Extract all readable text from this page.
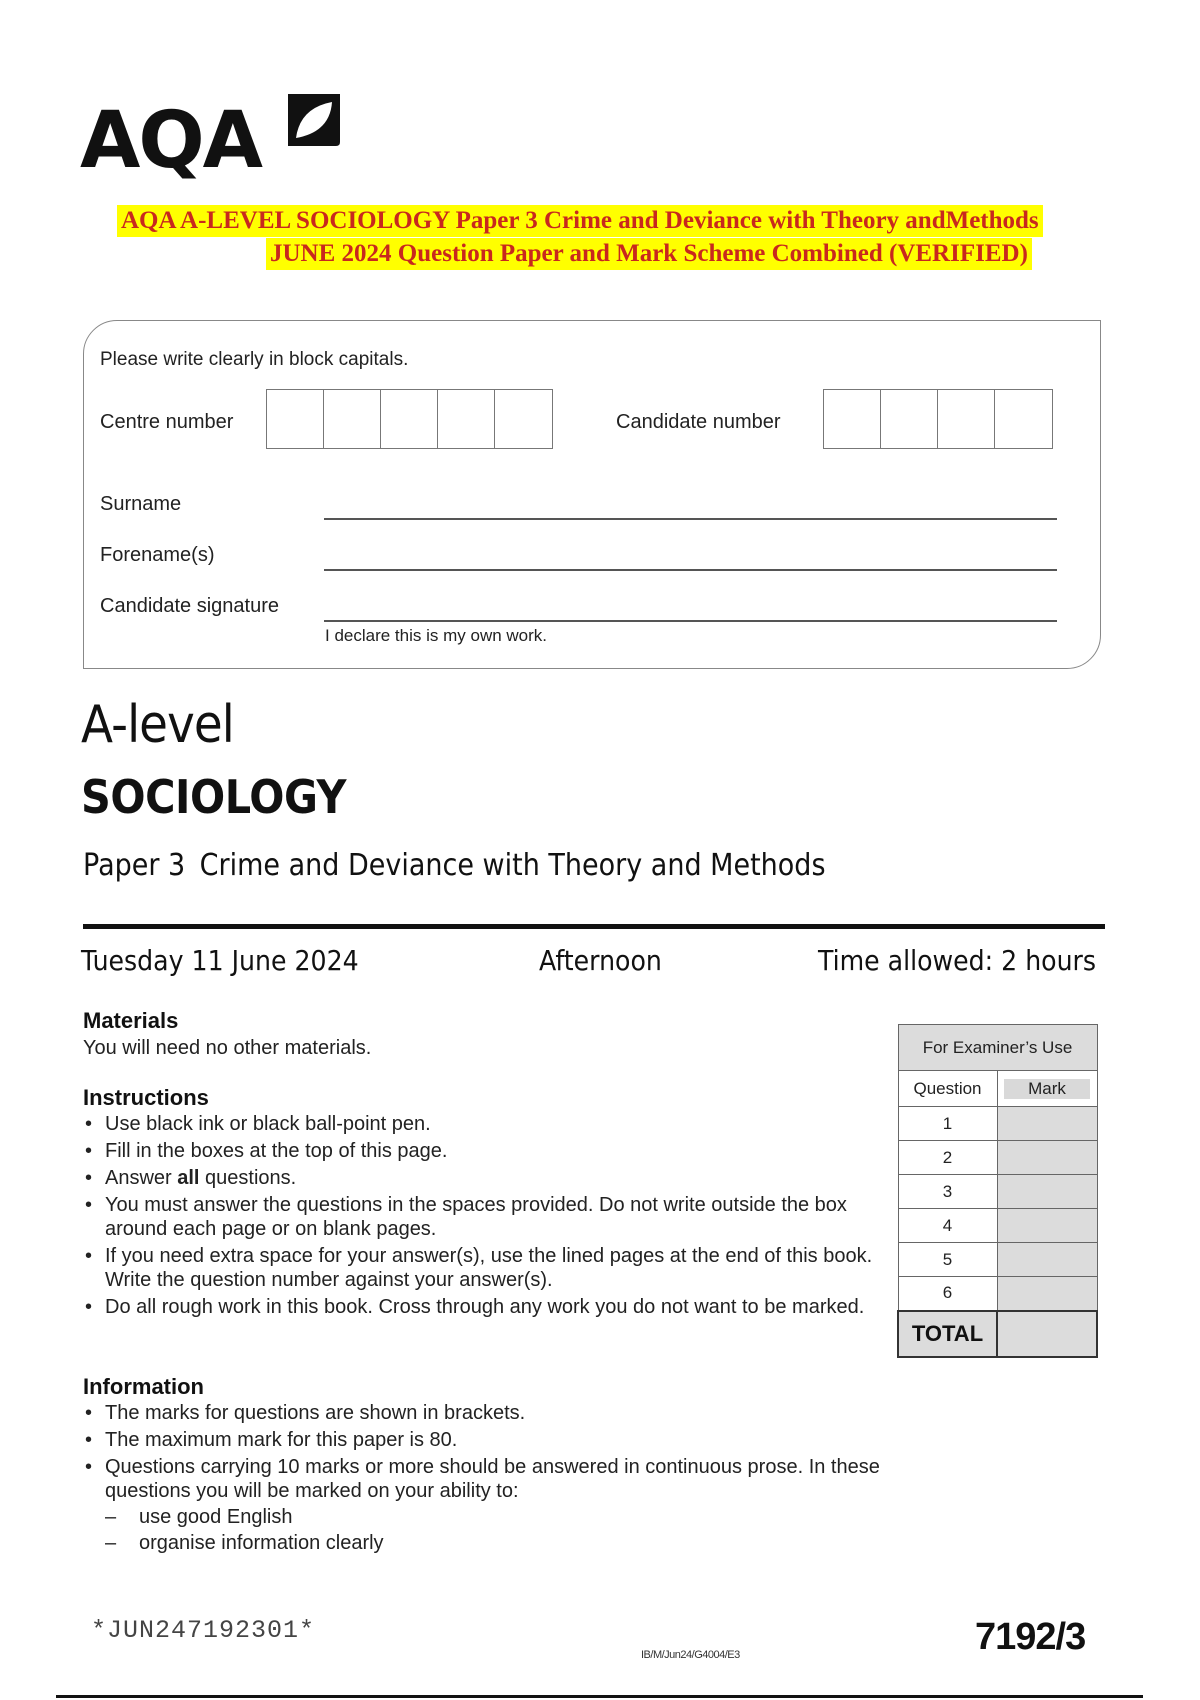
AQA
AQA A-LEVEL SOCIOLOGY Paper 3 Crime and Deviance with Theory andMethods
JUNE 2024 Question Paper and Mark Scheme Combined (VERIFIED)
Please write clearly in block capitals.
Centre number	Candidate number
Surname
Forename(s)
Candidate signature
I declare this is my own work.
A-level
SOCIOLOGY
Paper 3 Crime and Deviance with Theory and Methods
Tuesday 11 June 2024	Afternoon	Time allowed: 2 hours
Materials
You will need no other materials.
Instructions
• Use black ink or black ball-point pen.
• Fill in the boxes at the top of this page.
• Answer all questions.
• You must answer the questions in the spaces provided. Do not write outside the box around each page or on blank pages.
• If you need extra space for your answer(s), use the lined pages at the end of this book. Write the question number against your answer(s).
• Do all rough work in this book. Cross through any work you do not want to be marked.
Information
• The marks for questions are shown in brackets.
• The maximum mark for this paper is 80.
• Questions carrying 10 marks or more should be answered in continuous prose. In these questions you will be marked on your ability to:
– use good English
– organise information clearly
For Examiner’s Use	
Question	Mark
1	
2	
3	
4	
5	
6	
TOTAL	
*JUN247192301*
IB/M/Jun24/G4004/E3	7192/3
